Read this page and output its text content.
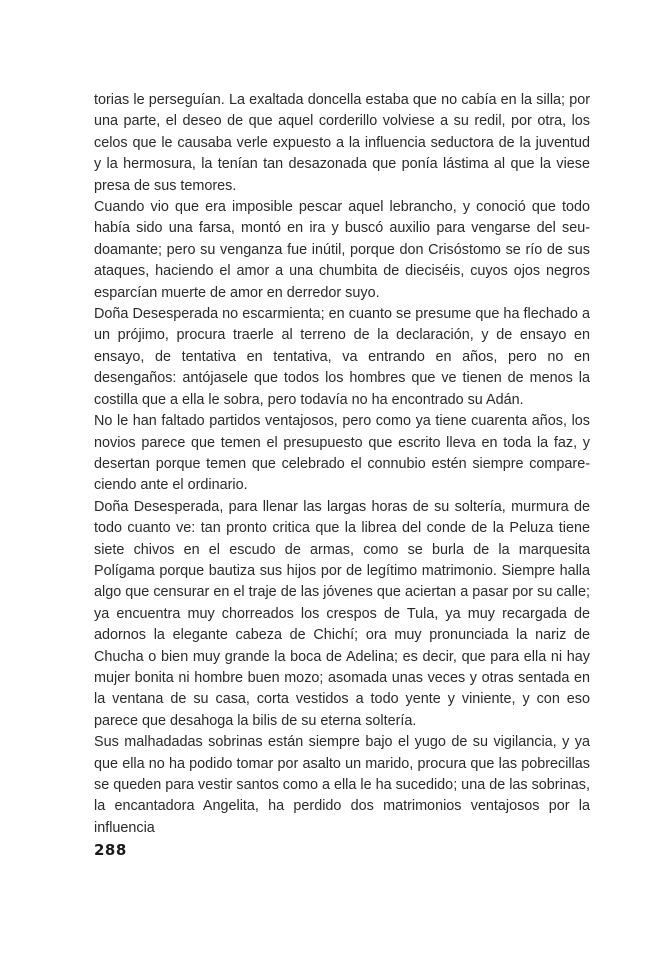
torias le perseguían. La exaltada doncella estaba que no cabía en la silla; por una parte, el deseo de que aquel corderillo volviese a su redil, por otra, los celos que le causaba verle expuesto a la influencia seductora de la juventud y la hermosura, la tenían tan desazonada que ponía lástima al que la viese presa de sus temores.

Cuando vio que era imposible pescar aquel lebrancho, y conoció que todo había sido una farsa, montó en ira y buscó auxilio para vengarse del seudoamante; pero su venganza fue inútil, porque don Crisóstomo se río de sus ataques, haciendo el amor a una chumbita de dieciséis, cuyos ojos negros esparcían muerte de amor en derredor suyo.

Doña Desesperada no escarmienta; en cuanto se presume que ha flechado a un prójimo, procura traerle al terreno de la declaración, y de ensayo en ensayo, de tentativa en tentativa, va entrando en años, pero no en desengaños: antójasele que todos los hombres que ve tienen de menos la costilla que a ella le sobra, pero todavía no ha encontrado su Adán.

No le han faltado partidos ventajosos, pero como ya tiene cuarenta años, los novios parece que temen el presupuesto que escrito lleva en toda la faz, y desertan porque temen que celebrado el connubio estén siempre compareciendo ante el ordinario.

Doña Desesperada, para llenar las largas horas de su soltería, murmura de todo cuanto ve: tan pronto critica que la librea del conde de la Peluza tiene siete chivos en el escudo de armas, como se burla de la marquesita Polígama porque bautiza sus hijos por de legítimo matrimonio. Siempre halla algo que censurar en el traje de las jóvenes que aciertan a pasar por su calle; ya encuentra muy chorreados los crespos de Tula, ya muy recargada de adornos la elegante cabeza de Chichí; ora muy pronunciada la nariz de Chucha o bien muy grande la boca de Adelina; es decir, que para ella ni hay mujer bonita ni hombre buen mozo; asomada unas veces y otras sentada en la ventana de su casa, corta vestidos a todo yente y viniente, y con eso parece que desahoga la bilis de su eterna soltería.

Sus malhadadas sobrinas están siempre bajo el yugo de su vigilancia, y ya que ella no ha podido tomar por asalto un marido, procura que las pobrecillas se queden para vestir santos como a ella le ha sucedido; una de las sobrinas, la encantadora Angelita, ha perdido dos matrimonios ventajosos por la influencia

288
